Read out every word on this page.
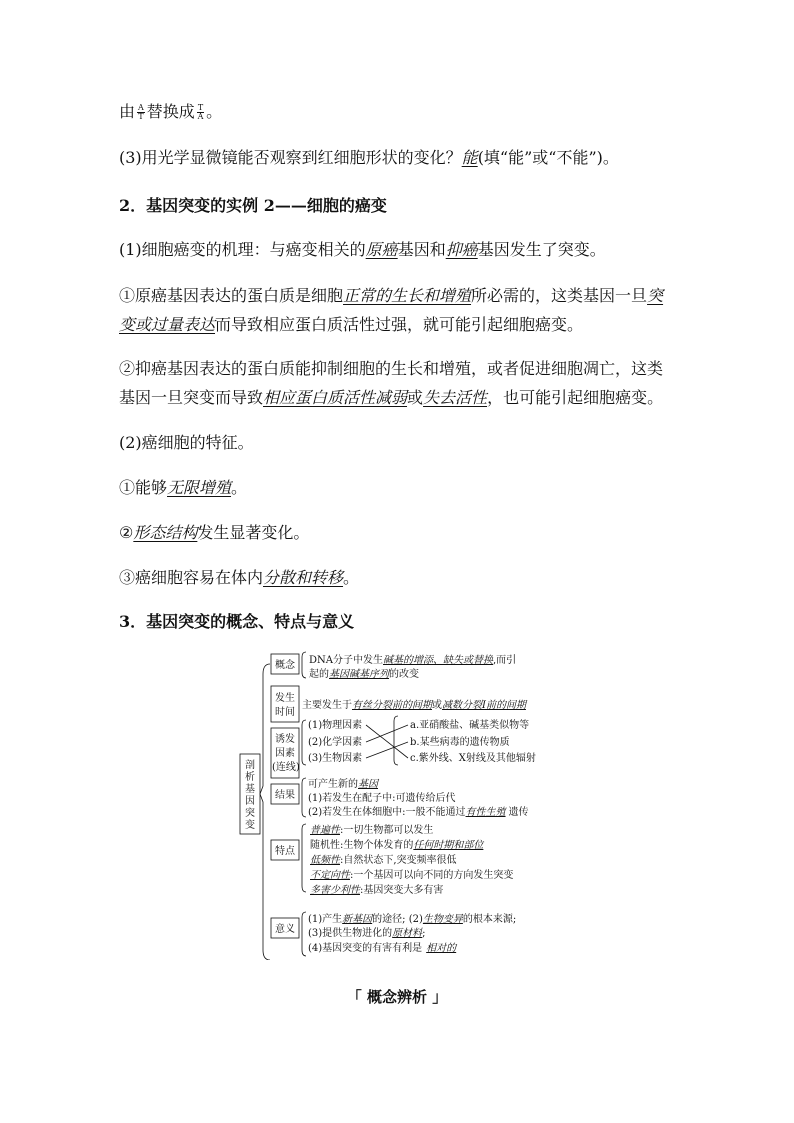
由 $\frac{A}{T}$ 替换成 $\frac{T}{A}$ 。
(3)用光学显微镜能否观察到红细胞形状的变化？能(填“能”或“不能”)。
2．基因突变的实例 2——细胞的癌变
(1)细胞癌变的机理：与癌变相关的原癌基因和抑癌基因发生了突变。
①原癌基因表达的蛋白质是细胞正常的生长和增殖所必需的，这类基因一旦突
变或过量表达而导致相应蛋白质活性过强，就可能引起细胞癌变。
②抑癌基因表达的蛋白质能抑制细胞的生长和增殖，或者促进细胞凋亡，这类
基因一旦突变而导致相应蛋白质活性减弱或失去活性，也可能引起细胞癌变。
(2)癌细胞的特征。
①能够无限增殖。
②形态结构发生显著变化。
③癌细胞容易在体内分散和转移。
3．基因突变的概念、特点与意义
剖
析
基
因
突
变
概念
发生
时间
诱发
因素
(连线)
结果
特点
意义
DNA分子中发生碱基的增添、缺失或替换,而引
起的基因碱基序列的改变
主要发生于有丝分裂前的间期或减数分裂Ⅰ前的间期
(1)物理因素
(2)化学因素
(3)生物因素
a.亚硝酸盐、碱基类似物等
b.某些病毒的遗传物质
c.紫外线、X射线及其他辐射
可产生新的基因
(1)若发生在配子中:可遗传给后代
(2)若发生在体细胞中:一般不能通过有性生殖 遗传
普遍性:一切生物都可以发生
随机性:生物个体发育的任何时期和部位
低频性:自然状态下,突变频率很低
不定向性:一个基因可以向不同的方向发生突变
多害少利性:基因突变大多有害
(1)产生新基因的途径; (2)生物变异的根本来源;
(3)提供生物进化的原材料;
(4)基因突变的有害有利是 相对的
「 概念辨析 」
